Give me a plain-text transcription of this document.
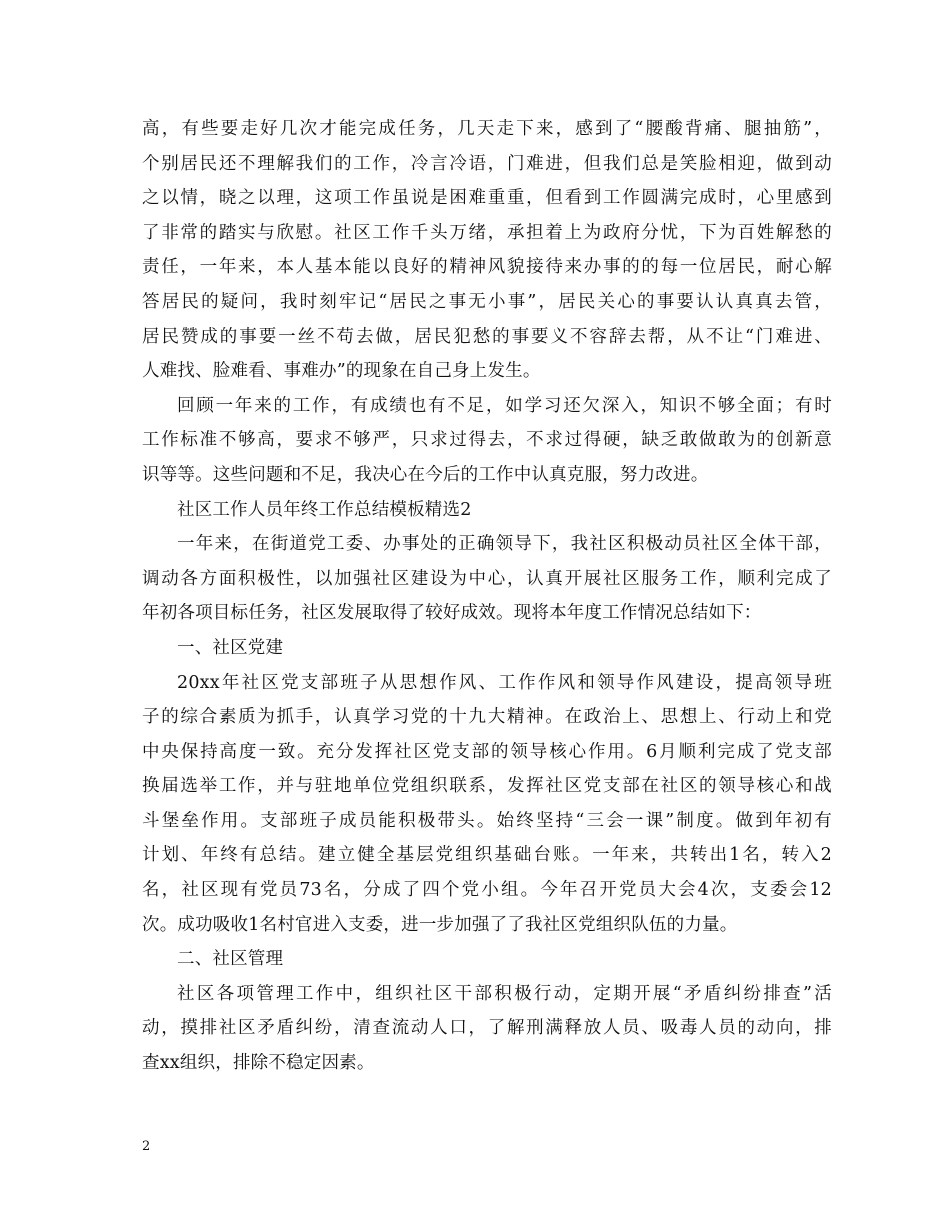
高，有些要走好几次才能完成任务，几天走下来，感到了“腰酸背痛、腿抽筋”，
个别居民还不理解我们的工作，冷言冷语，门难进，但我们总是笑脸相迎，做到动
之以情，晓之以理，这项工作虽说是困难重重，但看到工作圆满完成时，心里感到
了非常的踏实与欣慰。社区工作千头万绪，承担着上为政府分忧，下为百姓解愁的
责任，一年来，本人基本能以良好的精神风貌接待来办事的的每一位居民，耐心解
答居民的疑问，我时刻牢记“居民之事无小事”，居民关心的事要认认真真去管，
居民赞成的事要一丝不苟去做，居民犯愁的事要义不容辞去帮，从不让“门难进、
人难找、脸难看、事难办”的现象在自己身上发生。
回顾一年来的工作，有成绩也有不足，如学习还欠深入，知识不够全面；有时
工作标准不够高，要求不够严，只求过得去，不求过得硬，缺乏敢做敢为的创新意
识等等。这些问题和不足，我决心在今后的工作中认真克服，努力改进。
社区工作人员年终工作总结模板精选2
一年来，在街道党工委、办事处的正确领导下，我社区积极动员社区全体干部，
调动各方面积极性，以加强社区建设为中心，认真开展社区服务工作，顺利完成了
年初各项目标任务，社区发展取得了较好成效。现将本年度工作情况总结如下：
一、社区党建
20xx年社区党支部班子从思想作风、工作作风和领导作风建设，提高领导班
子的综合素质为抓手，认真学习党的十九大精神。在政治上、思想上、行动上和党
中央保持高度一致。充分发挥社区党支部的领导核心作用。6月顺利完成了党支部
换届选举工作，并与驻地单位党组织联系，发挥社区党支部在社区的领导核心和战
斗堡垒作用。支部班子成员能积极带头。始终坚持“三会一课”制度。做到年初有
计划、年终有总结。建立健全基层党组织基础台账。一年来，共转出1名，转入2
名，社区现有党员73名，分成了四个党小组。今年召开党员大会4次，支委会12
次。成功吸收1名村官进入支委，进一步加强了了我社区党组织队伍的力量。
二、社区管理
社区各项管理工作中，组织社区干部积极行动，定期开展“矛盾纠纷排查”活
动，摸排社区矛盾纠纷，清查流动人口，了解刑满释放人员、吸毒人员的动向，排
查xx组织，排除不稳定因素。
2
